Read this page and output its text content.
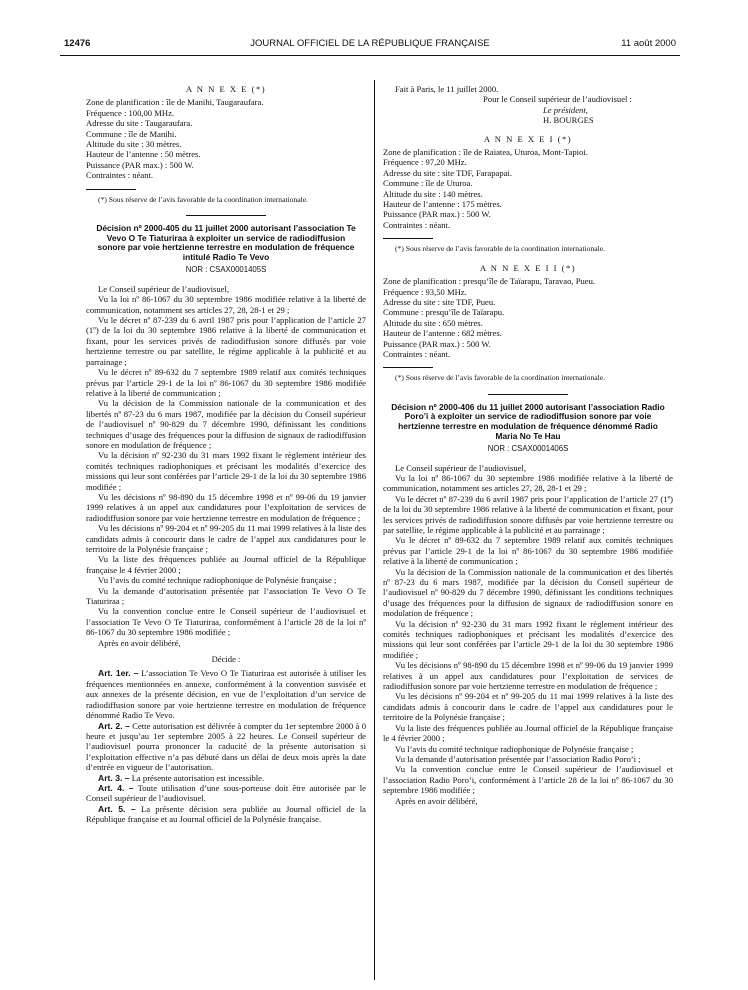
12476	JOURNAL OFFICIEL DE LA RÉPUBLIQUE FRANÇAISE	11 août 2000
A N N E X E (*)
Zone de planification : île de Manihi, Taugaraufara.
Fréquence : 100,00 MHz.
Adresse du site : Taugaraufara.
Commune : île de Manihi.
Altitude du site : 30 mètres.
Hauteur de l’antenne : 50 mètres.
Puissance (PAR max.) : 500 W.
Contraintes : néant.

(*) Sous réserve de l’avis favorable de la coordination internationale.

Décision nº 2000-405 du 11 juillet 2000 autorisant l’association Te Vevo O Te Tiaturiraa à exploiter un service de radiodiffusion sonore par voie hertzienne terrestre en modulation de fréquence intitulé Radio Te Vevo
NOR : CSAX0001405S

Le Conseil supérieur de l’audiovisuel,

Vu la loi nº 86-1067 du 30 septembre 1986 modifiée relative à la liberté de communication, notamment ses articles 27, 28, 28-1 et 29 ;

Vu le décret nº 87-239 du 6 avril 1987 pris pour l’application de l’article 27 (1º) de la loi du 30 septembre 1986 relative à la liberté de communication et fixant, pour les services privés de radiodiffusion sonore diffusés par voie hertzienne terrestre ou par satellite, le régime applicable à la publicité et au parrainage ;

Vu le décret nº 89-632 du 7 septembre 1989 relatif aux comités techniques prévus par l’article 29-1 de la loi nº 86-1067 du 30 septembre 1986 modifiée relative à la liberté de communication ;

Vu la décision de la Commission nationale de la communication et des libertés nº 87-23 du 6 mars 1987, modifiée par la décision du Conseil supérieur de l’audiovisuel nº 90-829 du 7 décembre 1990, définissant les conditions techniques d’usage des fréquences pour la diffusion de signaux de radiodiffusion sonore en modulation de fréquence ;

Vu la décision nº 92-230 du 31 mars 1992 fixant le règlement intérieur des comités techniques radiophoniques et précisant les modalités d’exercice des missions qui leur sont conférées par l’article 29-1 de la loi du 30 septembre 1986 modifiée ;

Vu les décisions nº 98-890 du 15 décembre 1998 et nº 99-06 du 19 janvier 1999 relatives à un appel aux candidatures pour l’exploitation de services de radiodiffusion sonore par voie hertzienne terrestre en modulation de fréquence ;

Vu les décisions nº 99-204 et nº 99-205 du 11 mai 1999 relatives à la liste des candidats admis à concourir dans le cadre de l’appel aux candidatures pour le territoire de la Polynésie française ;

Vu la liste des fréquences publiée au Journal officiel de la République française le 4 février 2000 ;

Vu l’avis du comité technique radiophonique de Polynésie française ;

Vu la demande d’autorisation présentée par l’association Te Vevo O Te Tiaturiraa ;

Vu la convention conclue entre le Conseil supérieur de l’audiovisuel et l’association Te Vevo O Te Tiaturiraa, conformément à l’article 28 de la loi nº 86-1067 du 30 septembre 1986 modifiée ;

Après en avoir délibéré,

Décide :

Art. 1er. – L’association Te Vevo O Te Tiaturiraa est autorisée à utiliser les fréquences mentionnées en annexe, conformément à la convention susvisée et aux annexes de la présente décision, en vue de l’exploitation d’un service de radiodiffusion sonore par voie hertzienne terrestre en modulation de fréquence dénommé Radio Te Vevo.

Art. 2. – Cette autorisation est délivrée à compter du 1er septembre 2000 à 0 heure et jusqu’au 1er septembre 2005 à 22 heures. Le Conseil supérieur de l’audiovisuel pourra prononcer la caducité de la présente autorisation si l’exploitation effective n’a pas débuté dans un délai de deux mois après la date d’entrée en vigueur de l’autorisation.

Art. 3. – La présente autorisation est incessible.

Art. 4. – Toute utilisation d’une sous-porteuse doit être autorisée par le Conseil supérieur de l’audiovisuel.

Art. 5. – La présente décision sera publiée au Journal officiel de la République française et au Journal officiel de la Polynésie française.

Fait à Paris, le 11 juillet 2000.

Pour le Conseil supérieur de l’audiovisuel :

Le président,

H. BOURGES

A N N E X E I (*)
Zone de planification : île de Raiatea, Uturoa, Mont-Tapioi.
Fréquence : 97,20 MHz.
Adresse du site : site TDF, Farapapai.
Commune : île de Uturoa.
Altitude du site : 140 mètres.
Hauteur de l’antenne : 175 mètres.
Puissance (PAR max.) : 500 W.
Contraintes : néant.

(*) Sous réserve de l’avis favorable de la coordination internationale.

A N N E X E I I (*)
Zone de planification : presqu’île de Taïarapu, Taravao, Pueu.
Fréquence : 93,50 MHz.
Adresse du site : site TDF, Pueu.
Commune : presqu’île de Taïarapu.
Altitude du site : 650 mètres.
Hauteur de l’antenne : 682 mètres.
Puissance (PAR max.) : 500 W.
Contraintes : néant.

(*) Sous réserve de l’avis favorable de la coordination internationale.

Décision nº 2000-406 du 11 juillet 2000 autorisant l’association Radio Poro’i à exploiter un service de radiodiffusion sonore par voie hertzienne terrestre en modulation de fréquence dénommé Radio Maria No Te Hau
NOR : CSAX0001406S

Le Conseil supérieur de l’audiovisuel,

Vu la loi nº 86-1067 du 30 septembre 1986 modifiée relative à la liberté de communication, notamment ses articles 27, 28, 28-1 et 29 ;

Vu le décret nº 87-239 du 6 avril 1987 pris pour l’application de l’article 27 (1º) de la loi du 30 septembre 1986 relative à la liberté de communication et fixant, pour les services privés de radiodiffusion sonore diffusés par voie hertzienne terrestre ou par satellite, le régime applicable à la publicité et au parrainage ;

Vu le décret nº 89-632 du 7 septembre 1989 relatif aux comités techniques prévus par l’article 29-1 de la loi nº 86-1067 du 30 septembre 1986 modifiée relative à la liberté de communication ;

Vu la décision de la Commission nationale de la communication et des libertés nº 87-23 du 6 mars 1987, modifiée par la décision du Conseil supérieur de l’audiovisuel nº 90-829 du 7 décembre 1990, définissant les conditions techniques d’usage des fréquences pour la diffusion de signaux de radiodiffusion sonore en modulation de fréquence ;

Vu la décision nº 92-230 du 31 mars 1992 fixant le règlement intérieur des comités techniques radiophoniques et précisant les modalités d’exercice des missions qui leur sont conférées par l’article 29-1 de la loi du 30 septembre 1986 modifiée ;

Vu les décisions nº 98-890 du 15 décembre 1998 et nº 99-06 du 19 janvier 1999 relatives à un appel aux candidatures pour l’exploitation de services de radiodiffusion sonore par voie hertzienne terrestre en modulation de fréquence ;

Vu les décisions nº 99-204 et nº 99-205 du 11 mai 1999 relatives à la liste des candidats admis à concourir dans le cadre de l’appel aux candidatures pour le territoire de la Polynésie française ;

Vu la liste des fréquences publiée au Journal officiel de la République française le 4 février 2000 ;

Vu l’avis du comité technique radiophonique de Polynésie française ;

Vu la demande d’autorisation présentée par l’association Radio Poro’i ;

Vu la convention conclue entre le Conseil supérieur de l’audiovisuel et l’association Radio Poro’i, conformément à l’article 28 de la loi nº 86-1067 du 30 septembre 1986 modifiée ;

Après en avoir délibéré,
